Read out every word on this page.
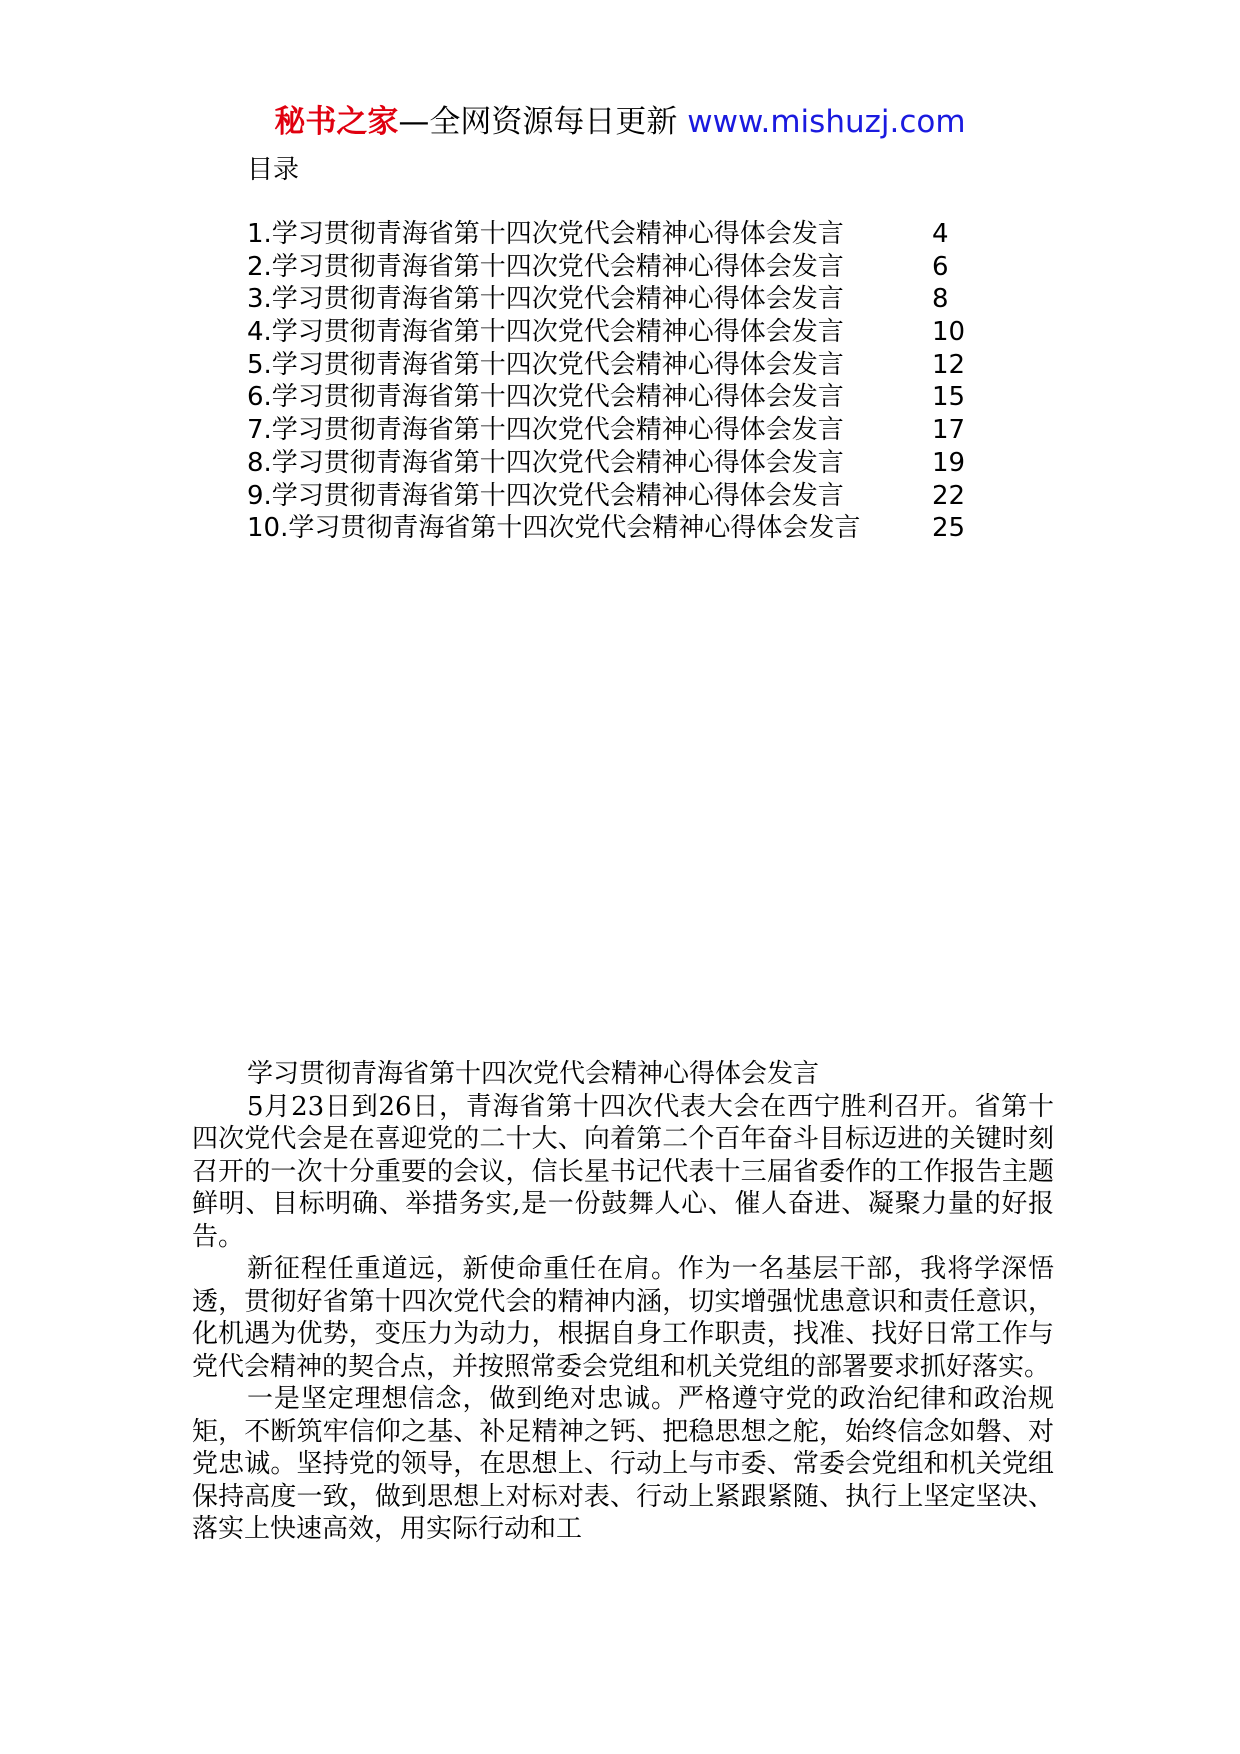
秘书之家—全网资源每日更新 www.mishuzj.com
目录
1.学习贯彻青海省第十四次党代会精神心得体会发言	4
2.学习贯彻青海省第十四次党代会精神心得体会发言	6
3.学习贯彻青海省第十四次党代会精神心得体会发言	8
4.学习贯彻青海省第十四次党代会精神心得体会发言	10
5.学习贯彻青海省第十四次党代会精神心得体会发言	12
6.学习贯彻青海省第十四次党代会精神心得体会发言	15
7.学习贯彻青海省第十四次党代会精神心得体会发言	17
8.学习贯彻青海省第十四次党代会精神心得体会发言	19
9.学习贯彻青海省第十四次党代会精神心得体会发言	22
10.学习贯彻青海省第十四次党代会精神心得体会发言	25
学习贯彻青海省第十四次党代会精神心得体会发言

5月23日到26日，青海省第十四次代表大会在西宁胜利召开。省第十四次党代会是在喜迎党的二十大、向着第二个百年奋斗目标迈进的关键时刻召开的一次十分重要的会议，信长星书记代表十三届省委作的工作报告主题鲜明、目标明确、举措务实,是一份鼓舞人心、催人奋进、凝聚力量的好报告。

新征程任重道远，新使命重任在肩。作为一名基层干部，我将学深悟透，贯彻好省第十四次党代会的精神内涵，切实增强忧患意识和责任意识，化机遇为优势，变压力为动力，根据自身工作职责，找准、找好日常工作与党代会精神的契合点，并按照常委会党组和机关党组的部署要求抓好落实。

一是坚定理想信念，做到绝对忠诚。严格遵守党的政治纪律和政治规矩，不断筑牢信仰之基、补足精神之钙、把稳思想之舵，始终信念如磐、对党忠诚。坚持党的领导，在思想上、行动上与市委、常委会党组和机关党组保持高度一致，做到思想上对标对表、行动上紧跟紧随、执行上坚定坚决、落实上快速高效，用实际行动和工
